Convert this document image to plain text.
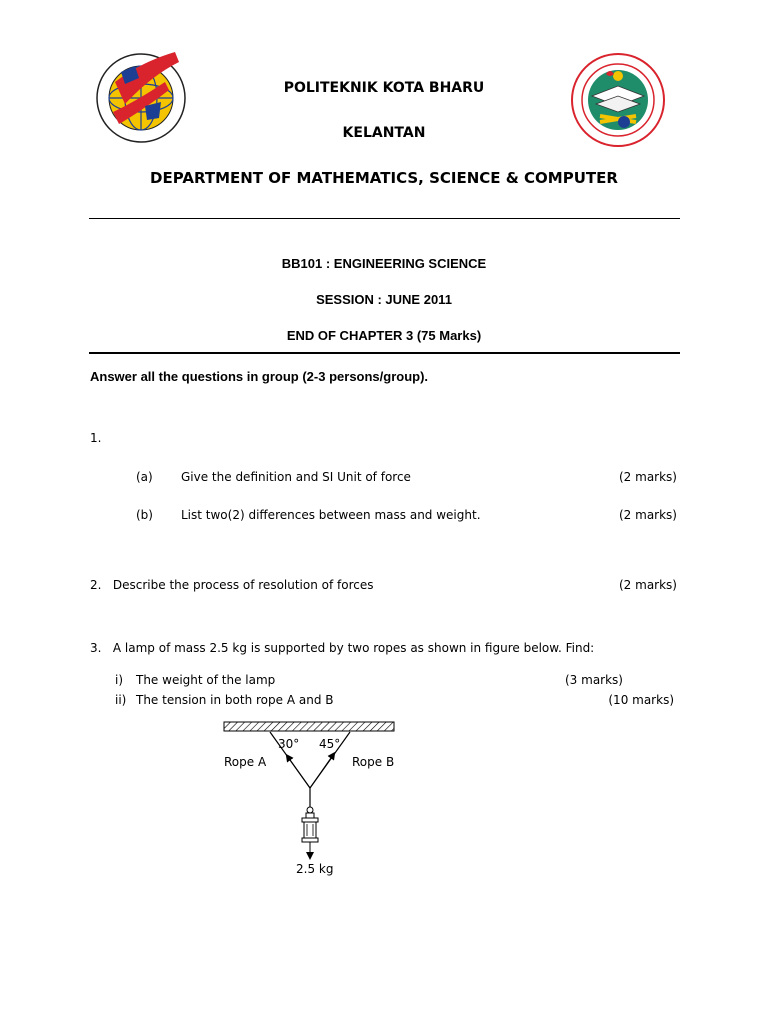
POLITEKNIK KOTA BHARU
KELANTAN
DEPARTMENT OF MATHEMATICS, SCIENCE & COMPUTER
BB101 : ENGINEERING SCIENCE
SESSION : JUNE 2011
END OF CHAPTER 3 (75 Marks)
Answer all the questions in group (2-3 persons/group).
1.
(a) Give the definition and SI Unit of force	(2 marks)
(b) List two(2) differences between mass and weight.	(2 marks)
2.   Describe the process of resolution of forces	(2 marks)
3.   A lamp of mass 2.5 kg is supported by two ropes as shown in figure below. Find:
i) The weight of the lamp	(3 marks)
ii) The tension in both rope A and B	(10 marks)
30° 45°
Rope A	Rope B
2.5 kg
